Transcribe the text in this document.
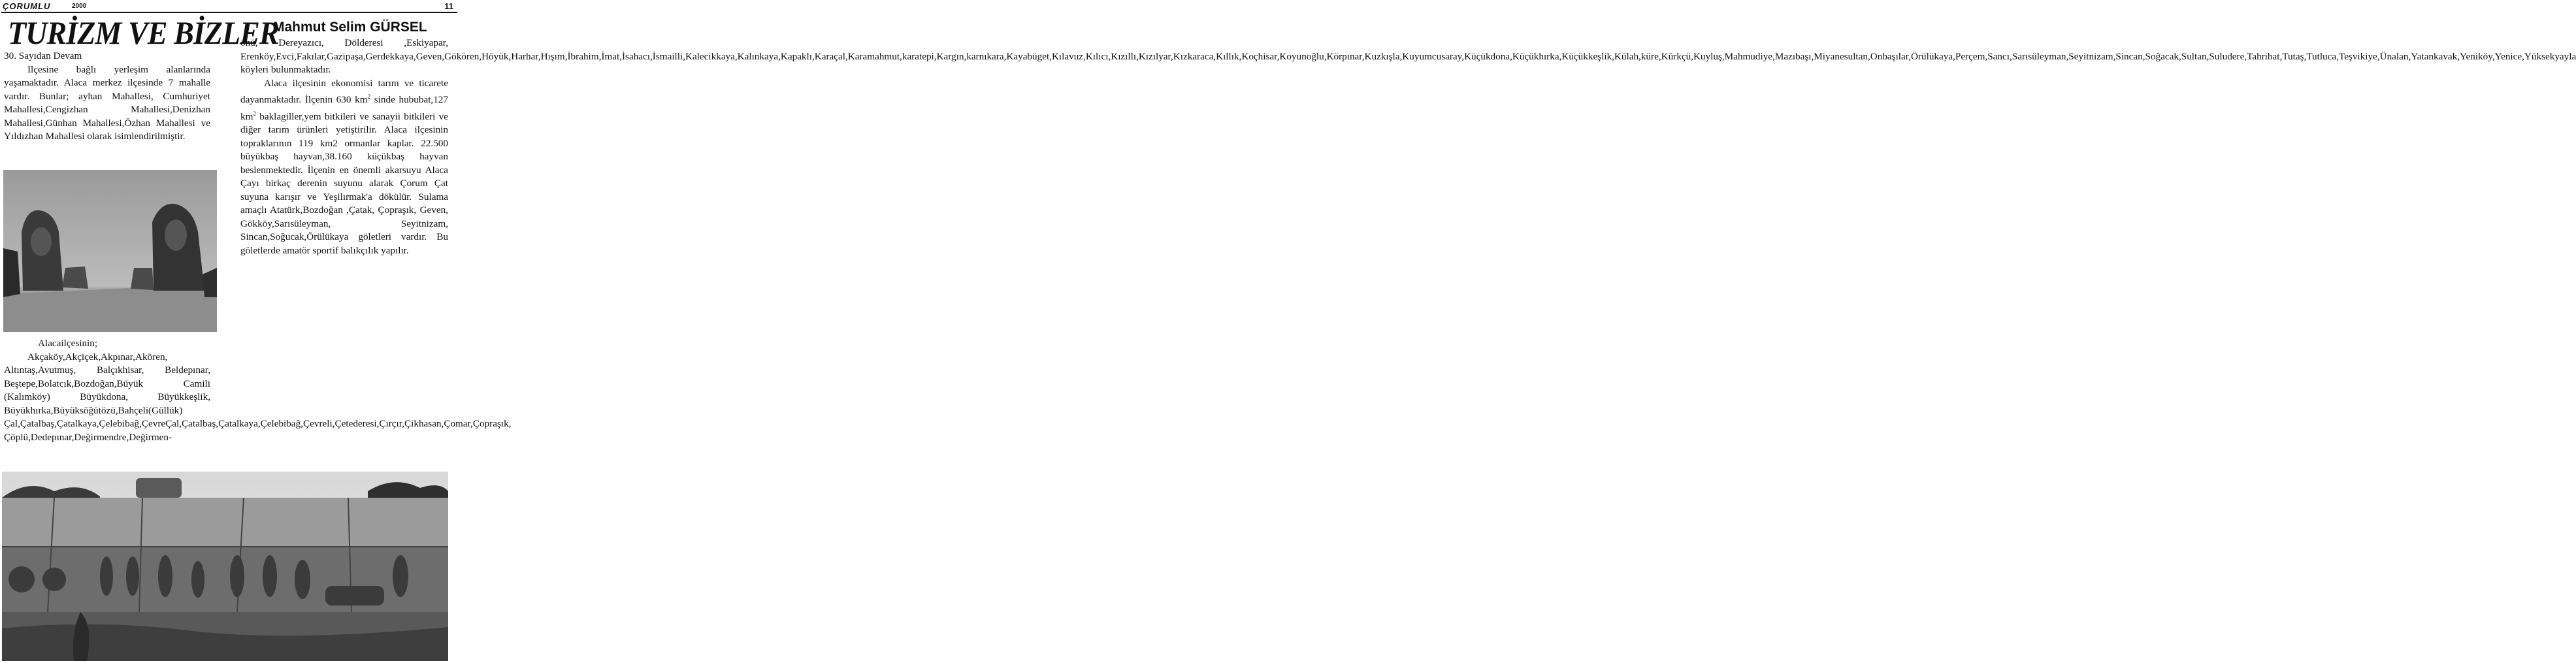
ÇORUMLU	2000	11
TURİZM VE BİZLER
Mahmut Selim GÜRSEL

30. Sayıdan Devam

Ilçesine bağlı yerleşim alanlarında yaşamaktadır. Alaca merkez ilçesinde 7 mahalle vardır. Bunlar; ayhan Mahallesi, Cumhuriyet Mahallesi,Cengizhan Mahallesi,Denizhan Mahallesi,Günhan Mahallesi,Özhan Mahallesi ve Yıldızhan Mahallesi olarak isimlendirilmiştir.

Alacailçesinin;

Akçaköy,Akçiçek,Akpınar,Akören, Altıntaş,Avutmuş, Balçıkhisar, Beldepınar, Beştepe,Bolatcık,Bozdoğan,Büyük Camili (Kalımköy) Büyükdona, Büyükkeşlik, Büyükhırka,Büyüksöğütözü,Bahçeli(Güllük) Çal,Çatalbaş,Çatalkaya,Çelebibağ,ÇevreÇal,Çatalbaş,Çatalkaya,Çelebibağ,Çevreli,Çetederesi,Çırçır,Çikhasan,Çomar,Çopraşık, Çöplü,Dedepınar,Değirmendre,Değirmen-

önü, Dereyazıcı, Dölderesi ,Eskiyapar, Erenköy,Evci,Fakılar,Gazipaşa,Gerdekkaya,Geven,Gökören,Höyük,Harhar,Hışım,İbrahim,İmat,İsahacı,İsmailli,Kalecikkaya,Kalınkaya,Kapaklı,Karaçal,Karamahmut,karatepi,Kargın,karnıkara,Kayabüget,Kılavuz,Kılıcı,Kızıllı,Kızılyar,Kızkaraca,Kıllık,Koçhisar,Koyunoğlu,Körpınar,Kuzkışla,Kuyumcusaray,Küçükdona,Küçükhırka,Küçükkeşlik,Külah,küre,Kürkçü,Kuyluş,Mahmudiye,Mazıbaşı,Miyanesultan,Onbaşılar,Örülükaya,Perçem,Sancı,Sarısüleyman,Seyitnizam,Sincan,Soğacak,Sultan,Suludere,Tahribat,Tutaş,Tutluca,Teşvikiye,Ünalan,Yatankavak,Yeniköy,Yenice,Yüksekyayla köyleri bulunmaktadır.

Alaca ilçesinin ekonomisi tarım ve ticarete dayanmaktadır. İlçenin 630 $km^2$ sinde hububat,127 $km^2$ baklagiller,yem bitkileri ve sanayii bitkileri ve diğer tarım ürünleri yetiştirilir. Alaca ilçesinin topraklarının 119 km2 ormanlar kaplar. 22.500 büyükbaş hayvan,38.160 küçükbaş hayvan beslenmektedir. İlçenin en önemli akarsuyu Alaca Çayı birkaç derenin suyunu alarak Çorum Çat suyuna karışır ve Yeşilırmak'a dökülür. Sulama amaçlı Atatürk,Bozdoğan ,Çatak, Çopraşık, Geven, Gökköy,Sarısüleyman, Seyitnizam, Sincan,Soğucak,Örülükaya göletleri vardır. Bu göletlerde amatör sportif balıkçılık yapılır.
